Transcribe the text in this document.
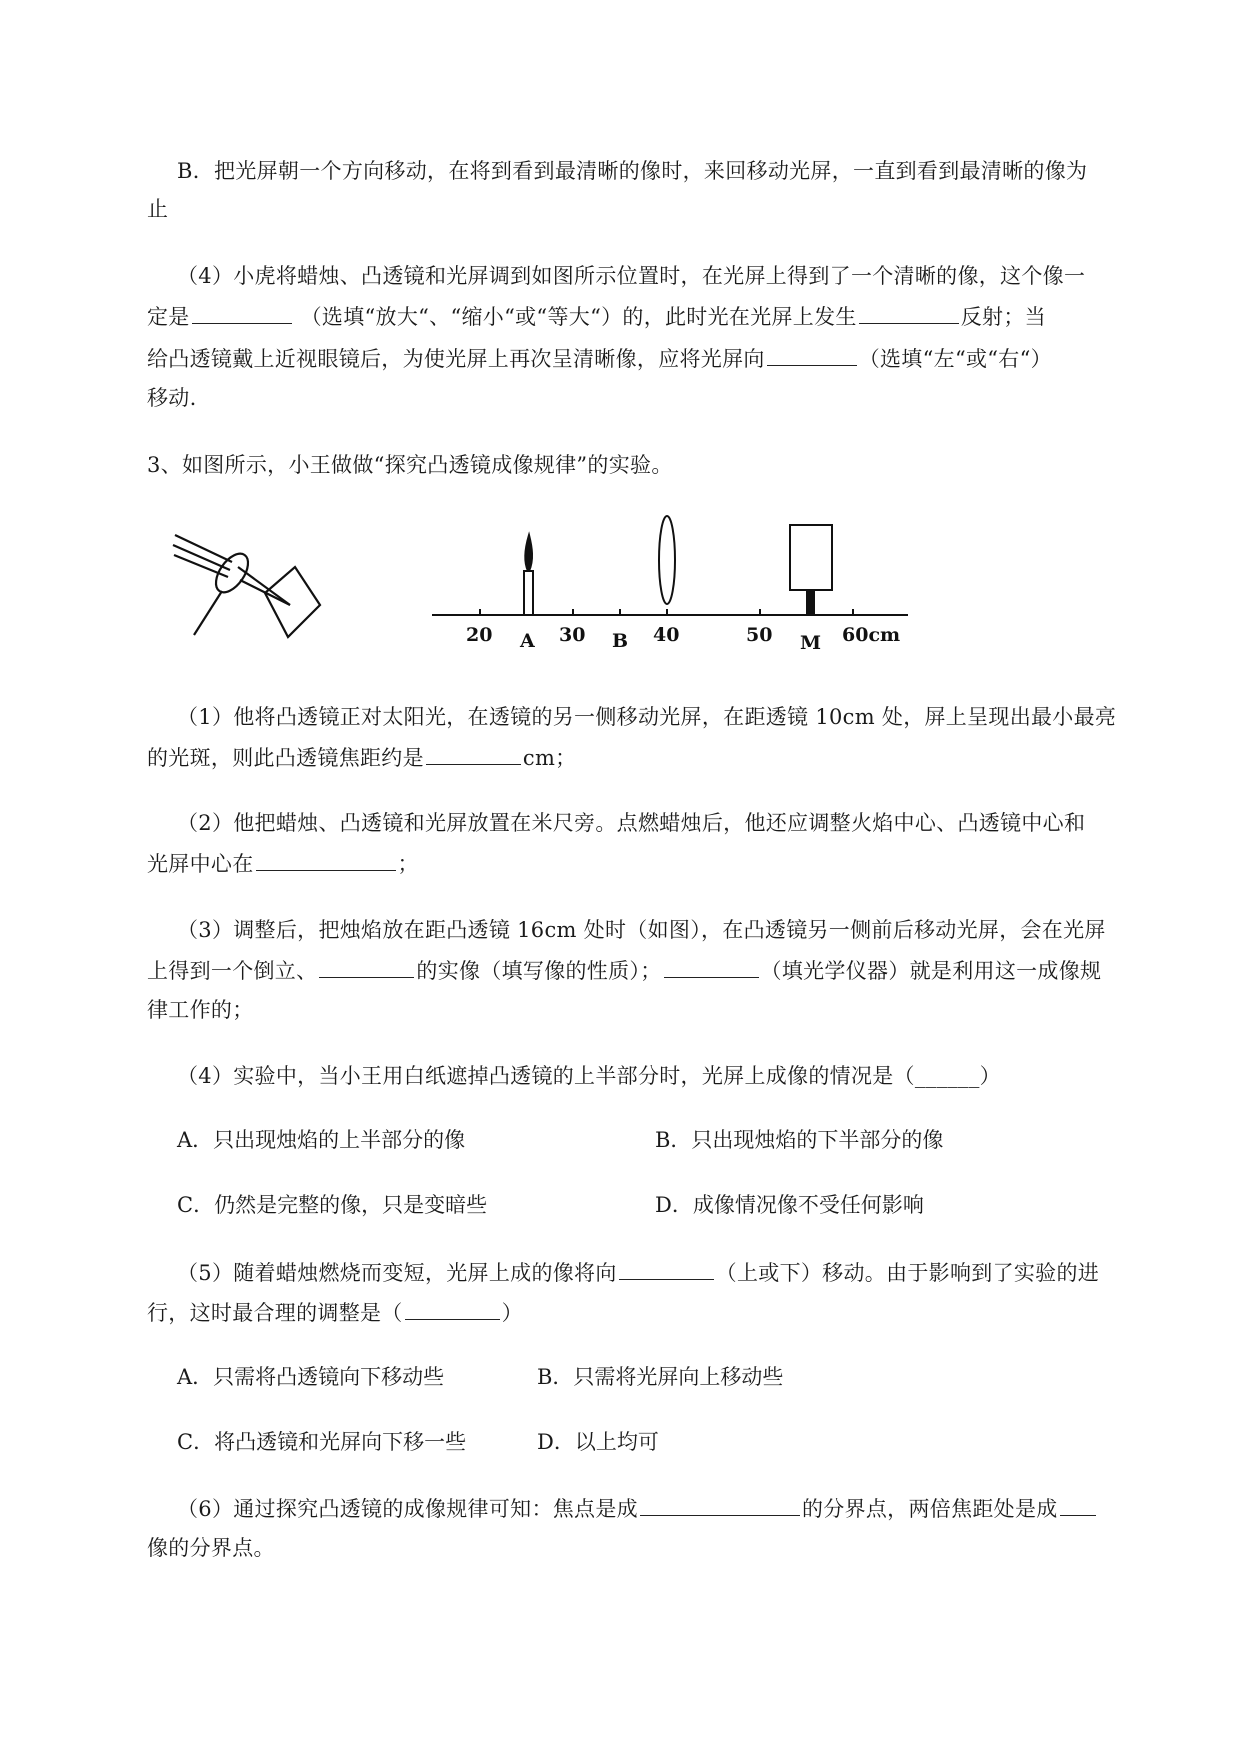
B．把光屏朝一个方向移动，在将到看到最清晰的像时，来回移动光屏，一直到看到最清晰的像为
止
（4）小虎将蜡烛、凸透镜和光屏调到如图所示位置时，在光屏上得到了一个清晰的像，这个像一
定是	（选填“放大“、“缩小“或“等大“）的，此时光在光屏上发生	反射；当
给凸透镜戴上近视眼镜后，为使光屏上再次呈清晰像，应将光屏向	（选填“左“或“右“）
移动.
3、如图所示，小王做做“探究凸透镜成像规律”的实验。
20	30	40	50	60cm
A	B	M
（1）他将凸透镜正对太阳光，在透镜的另一侧移动光屏，在距透镜 10cm 处，屏上呈现出最小最亮
的光斑，则此凸透镜焦距约是	cm；
（2）他把蜡烛、凸透镜和光屏放置在米尺旁。点燃蜡烛后，他还应调整火焰中心、凸透镜中心和
光屏中心在	；
（3）调整后，把烛焰放在距凸透镜 16cm 处时（如图），在凸透镜另一侧前后移动光屏，会在光屏
上得到一个倒立、	的实像（填写像的性质）；	（填光学仪器）就是利用这一成像规
律工作的；
（4）实验中，当小王用白纸遮掉凸透镜的上半部分时，光屏上成像的情况是（______）
A．只出现烛焰的上半部分的像	B．只出现烛焰的下半部分的像
C．仍然是完整的像，只是变暗些	D．成像情况像不受任何影响
（5）随着蜡烛燃烧而变短，光屏上成的像将向	（上或下）移动。由于影响到了实验的进
行，这时最合理的调整是（	）
A．只需将凸透镜向下移动些	B．只需将光屏向上移动些
C．将凸透镜和光屏向下移一些	D．以上均可
（6）通过探究凸透镜的成像规律可知：焦点是成	的分界点，两倍焦距处是成
像的分界点。
